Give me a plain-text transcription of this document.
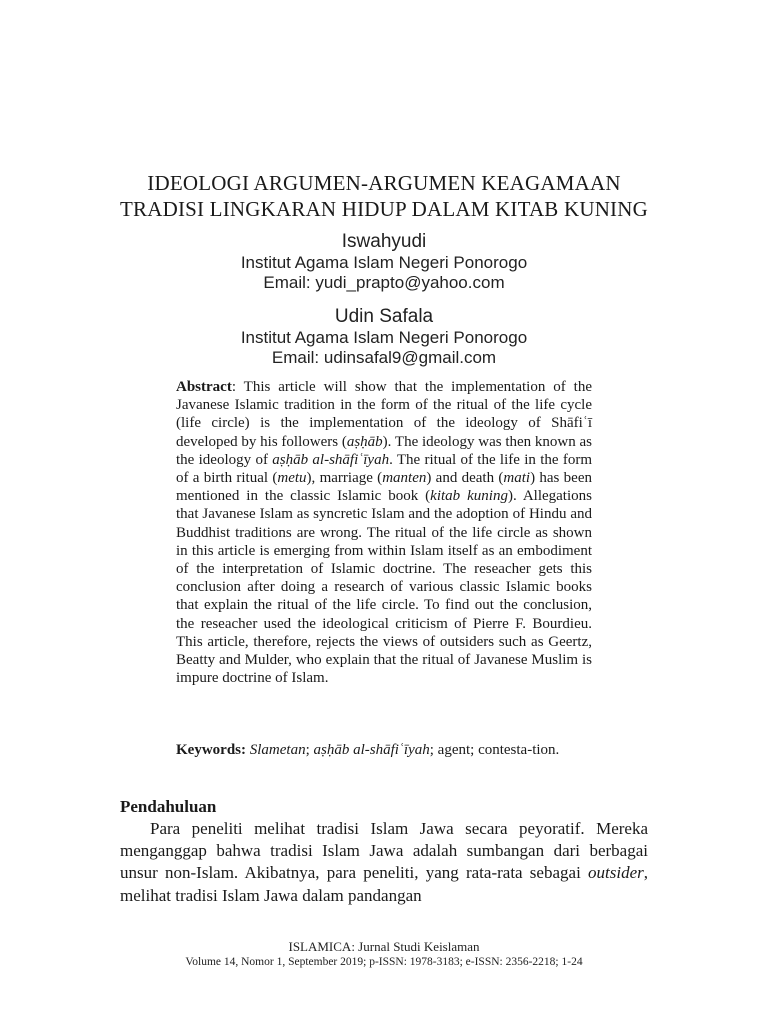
IDEOLOGI ARGUMEN-ARGUMEN KEAGAMAAN
TRADISI LINGKARAN HIDUP DALAM KITAB KUNING
Iswahyudi
Institut Agama Islam Negeri Ponorogo
Email: yudi_prapto@yahoo.com
Udin Safala
Institut Agama Islam Negeri Ponorogo
Email: udinsafal9@gmail.com

Abstract: This article will show that the implementation of the Javanese Islamic tradition in the form of the ritual of the life cycle (life circle) is the implementation of the ideology of Shāfiʿī developed by his followers (aṣḥāb). The ideology was then known as the ideology of aṣḥāb al-shāfiʿīyah. The ritual of the life in the form of a birth ritual (metu), marriage (manten) and death (mati) has been mentioned in the classic Islamic book (kitab kuning). Allegations that Javanese Islam as syncretic Islam and the adoption of Hindu and Buddhist traditions are wrong. The ritual of the life circle as shown in this article is emerging from within Islam itself as an embodiment of the interpretation of Islamic doctrine. The reseacher gets this conclusion after doing a research of various classic Islamic books that explain the ritual of the life circle. To find out the conclusion, the reseacher used the ideological criticism of Pierre F. Bourdieu. This article, therefore, rejects the views of outsiders such as Geertz, Beatty and Mulder, who explain that the ritual of Javanese Muslim is impure doctrine of Islam.

Keywords: Slametan; aṣḥāb al-shāfiʿīyah; agent; contesta-tion.

Pendahuluan

Para peneliti melihat tradisi Islam Jawa secara peyoratif. Mereka menganggap bahwa tradisi Islam Jawa adalah sumbangan dari berbagai unsur non-Islam. Akibatnya, para peneliti, yang rata-rata sebagai outsider, melihat tradisi Islam Jawa dalam pandangan

ISLAMICA: Jurnal Studi Keislaman
Volume 14, Nomor 1, September 2019; p-ISSN: 1978-3183; e-ISSN: 2356-2218; 1-24
